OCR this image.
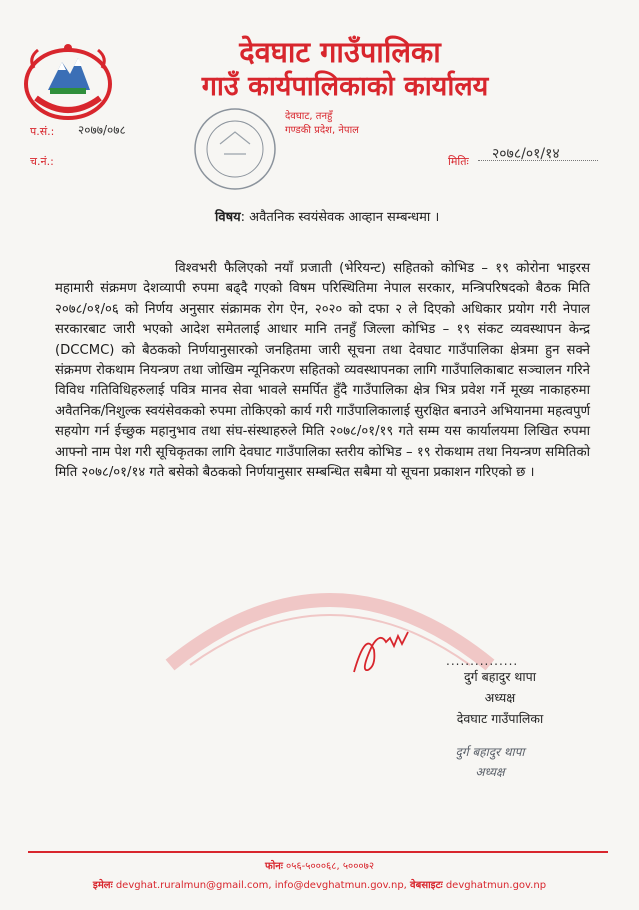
देवघाट गाउँपालिका
गाउँ कार्यपालिकाको कार्यालय
प.सं.: २०७७/०७८
च.नं.:	मितिः २०७८/०१/१४
देवघाट, तनहुँ
गण्डकी प्रदेश, नेपाल
विषय: अवैतनिक स्वयंसेवक आव्हान सम्बन्धमा ।
विश्वभरी फैलिएको नयाँ प्रजाती (भेरियन्ट) सहितको कोभिड – १९ कोरोना भाइरस महामारी संक्रमण देशव्यापी रुपमा बढ्दै गएको विषम परिस्थितिमा नेपाल सरकार, मन्त्रिपरिषदको बैठक मिति २०७८/०१/०६ को निर्णय अनुसार संक्रामक रोग ऐन, २०२० को दफा २ ले दिएको अधिकार प्रयोग गरी नेपाल सरकारबाट जारी भएको आदेश समेतलाई आधार मानि तनहुँ जिल्ला कोभिड – १९ संकट व्यवस्थापन केन्द्र (DCCMC) को बैठकको निर्णयानुसारको जनहितमा जारी सूचना तथा देवघाट गाउँपालिका क्षेत्रमा हुन सक्ने संक्रमण रोकथाम नियन्त्रण तथा जोखिम न्यूनिकरण सहितको व्यवस्थापनका लागि गाउँपालिकाबाट सञ्चालन गरिने विविध गतिविधिहरुलाई पवित्र मानव सेवा भावले समर्पित हुँदै गाउँपालिका क्षेत्र भित्र प्रवेश गर्ने मूख्य नाकाहरुमा अवैतनिक/निशुल्क स्वयंसेवकको रुपमा तोकिएको कार्य गरी गाउँपालिकालाई सुरक्षित बनाउने अभियानमा महत्वपुर्ण सहयोग गर्न ईच्छुक महानुभाव तथा संघ-संस्थाहरुले मिति २०७८/०१/१९ गते सम्म यस कार्यालयमा लिखित रुपमा आफ्नो नाम पेश गरी सूचिकृतका लागि देवघाट गाउँपालिका स्तरीय कोभिड – १९ रोकथाम तथा नियन्त्रण समितिको मिति २०७८/०१/१४ गते बसेको बैठकको निर्णयानुसार सम्बन्धित सबैमा यो सूचना प्रकाशन गरिएको छ ।
...............
दुर्ग बहादुर थापा
अध्यक्ष
देवघाट गाउँपालिका
दुर्ग बहादुर थापा
अध्यक्ष
फोनः ०५६-५०००६८, ५०००७२
इमेलः devghat.ruralmun@gmail.com, info@devghatmun.gov.np, वेबसाइटः devghatmun.gov.np
